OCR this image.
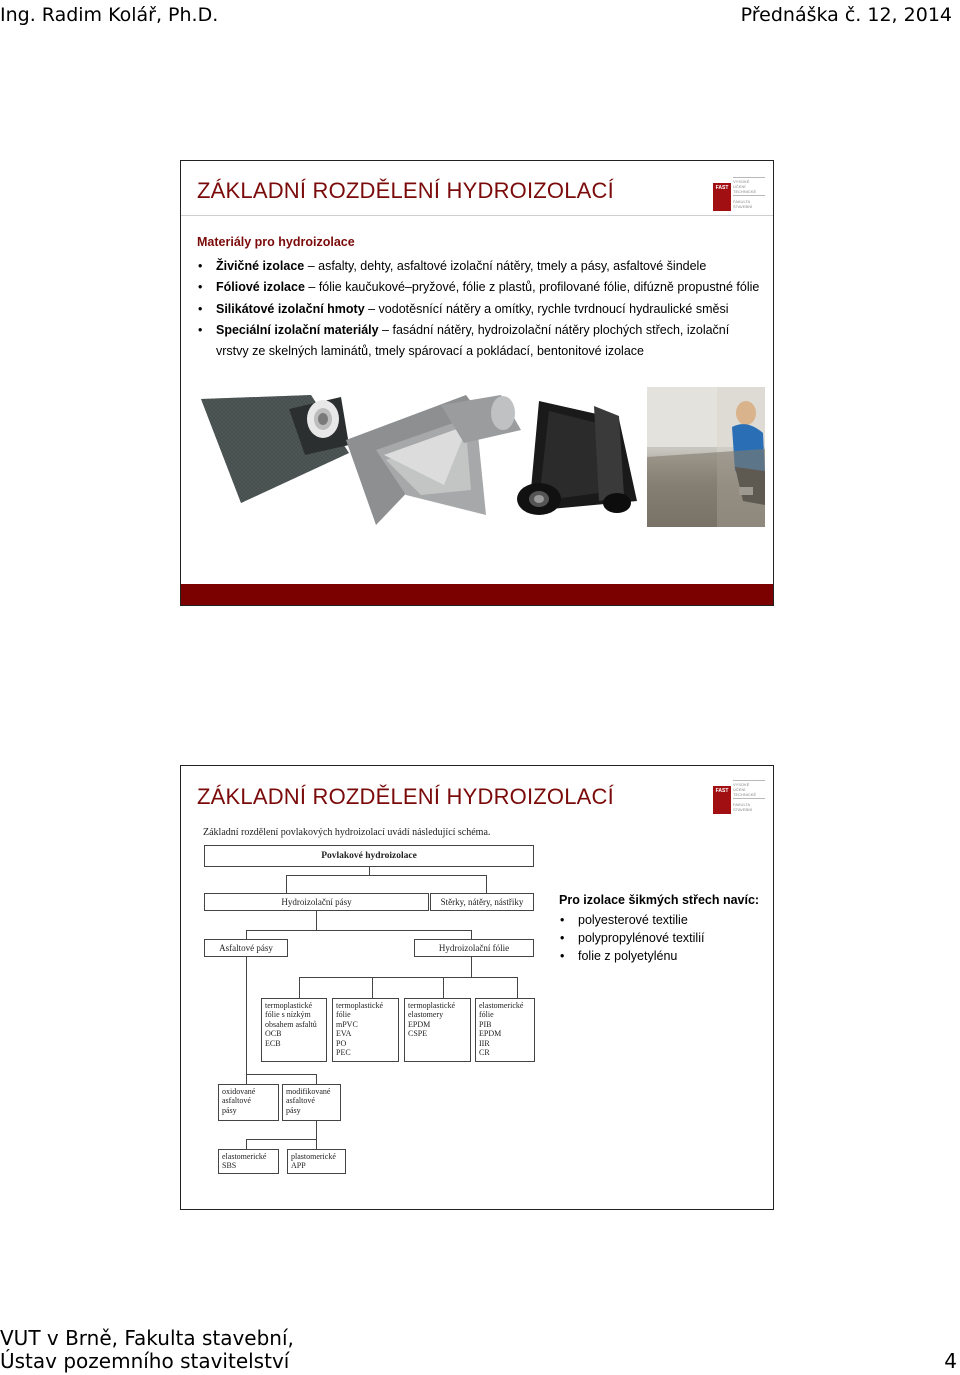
Ing. Radim Kolář, Ph.D.	Přednáška č. 12, 2014
ZÁKLADNÍ ROZDĚLENÍ HYDROIZOLACÍ	FAST
VYSOKÉ
UČENÍ
TECHNICKÉ
FAKULTA
STAVEBNÍ
Materiály pro hydroizolace
• Živičné izolace – asfalty, dehty, asfaltové izolační nátěry, tmely a pásy, asfaltové šindele
• Fóliové izolace – fólie kaučukové–pryžové, fólie z plastů, profilované fólie, difúzně propustné fólie
• Silikátové izolační hmoty – vodotěsnící nátěry a omítky, rychle tvrdnoucí hydraulické směsi
• Speciální izolační materiály – fasádní nátěry, hydroizolační nátěry plochých střech, izolační vrstvy ze skelných laminátů, tmely spárovací a pokládací, bentonitové izolace
ZÁKLADNÍ ROZDĚLENÍ HYDROIZOLACÍ	FAST
VYSOKÉ
UČENÍ
TECHNICKÉ
FAKULTA
STAVEBNÍ
Základní rozdělení povlakových hydroizolací uvádí následující schéma.
Povlakové hydroizolace
Hydroizolační pásy	Stěrky, nátěry, nástřiky
Asfaltové pásy	Hydroizolační fólie
termoplastické
fólie s nízkým
obsahem asfaltů
OCB
ECB
termoplastické
fólie
mPVC
EVA
PO
PEC
termoplastické
elastomery
EPDM
CSPE
elastomerické
fólie
PIB
EPDM
IIR
CR
oxidované
asfaltové
pásy
modifikované
asfaltové
pásy
elastomerické
SBS
plastomerické
APP
Pro izolace šikmých střech navíc:
• polyesterové textilie
• polypropylénové textilií
• folie z polyetylénu
VUT v Brně, Fakulta stavební,
Ústav pozemního stavitelství	4
